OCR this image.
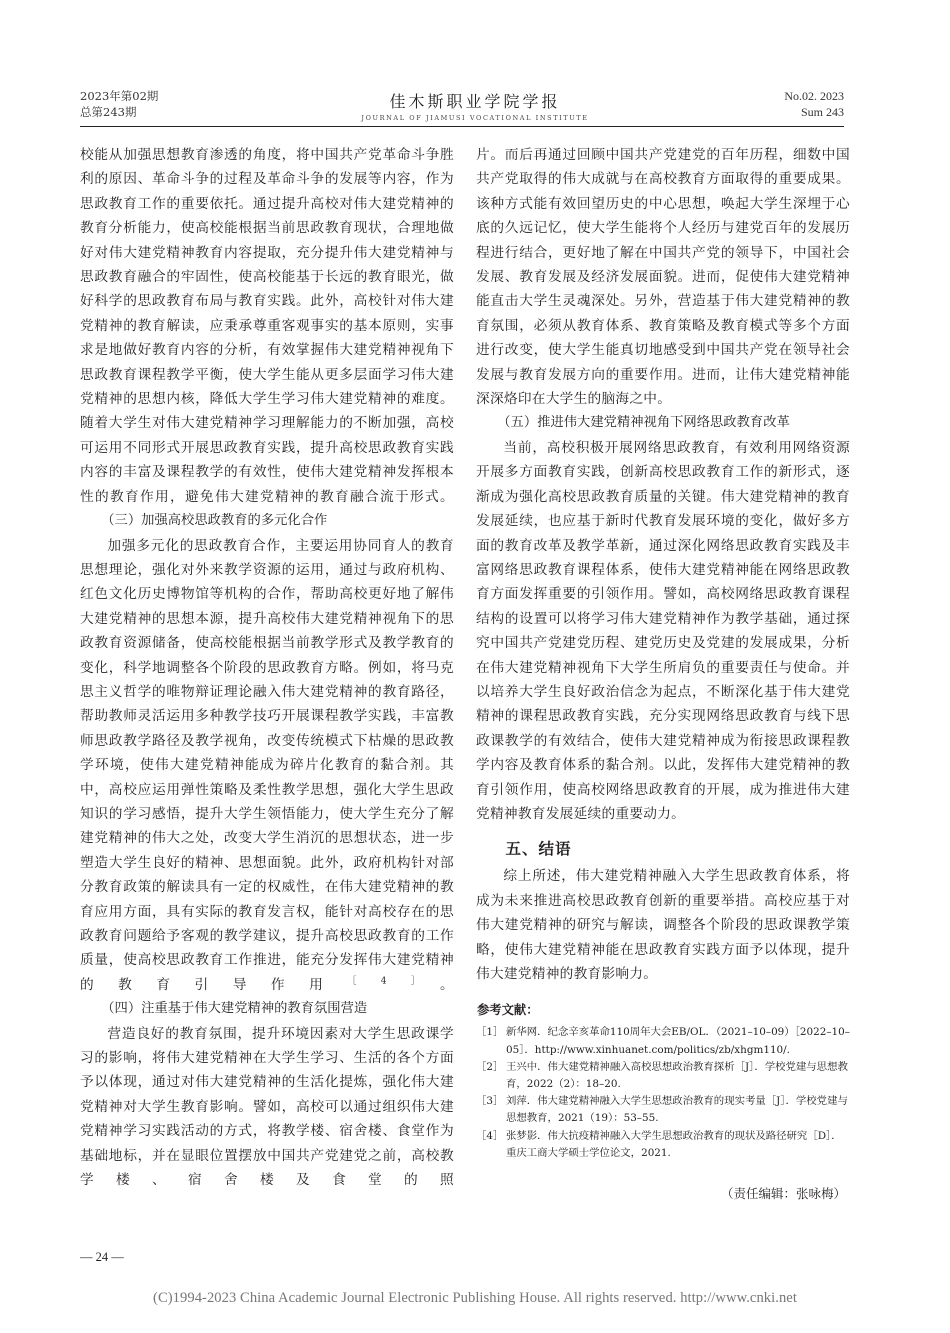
2023年第02期
总第243期
佳木斯职业学院学报
JOURNAL OF JIAMUSI VOCATIONAL INSTITUTE
No.02. 2023
Sum 243

校能从加强思想教育渗透的角度，将中国共产党革命斗争胜利的原因、革命斗争的过程及革命斗争的发展等内容，作为思政教育工作的重要依托。通过提升高校对伟大建党精神的教育分析能力，使高校能根据当前思政教育现状，合理地做好对伟大建党精神教育内容提取，充分提升伟大建党精神与思政教育融合的牢固性，使高校能基于长远的教育眼光，做好科学的思政教育布局与教育实践。此外，高校针对伟大建党精神的教育解读，应秉承尊重客观事实的基本原则，实事求是地做好教育内容的分析，有效掌握伟大建党精神视角下思政教育课程教学平衡，使大学生能从更多层面学习伟大建党精神的思想内核，降低大学生学习伟大建党精神的难度。随着大学生对伟大建党精神学习理解能力的不断加强，高校可运用不同形式开展思政教育实践，提升高校思政教育实践内容的丰富及课程教学的有效性，使伟大建党精神发挥根本性的教育作用，避免伟大建党精神的教育融合流于形式。

（三）加强高校思政教育的多元化合作

加强多元化的思政教育合作，主要运用协同育人的教育思想理论，强化对外来教学资源的运用，通过与政府机构、红色文化历史博物馆等机构的合作，帮助高校更好地了解伟大建党精神的思想本源，提升高校伟大建党精神视角下的思政教育资源储备，使高校能根据当前教学形式及教学教育的变化，科学地调整各个阶段的思政教育方略。例如，将马克思主义哲学的唯物辩证理论融入伟大建党精神的教育路径，帮助教师灵活运用多种教学技巧开展课程教学实践，丰富教师思政教学路径及教学视角，改变传统模式下枯燥的思政教学环境，使伟大建党精神能成为碎片化教育的黏合剂。其中，高校应运用弹性策略及柔性教学思想，强化大学生思政知识的学习感悟，提升大学生领悟能力，使大学生充分了解建党精神的伟大之处，改变大学生消沉的思想状态，进一步塑造大学生良好的精神、思想面貌。此外，政府机构针对部分教育政策的解读具有一定的权威性，在伟大建党精神的教育应用方面，具有实际的教育发言权，能针对高校存在的思政教育问题给予客观的教学建议，提升高校思政教育的工作质量，使高校思政教育工作推进，能充分发挥伟大建党精神的教育引导作用$^{[4]}$。

（四）注重基于伟大建党精神的教育氛围营造

营造良好的教育氛围，提升环境因素对大学生思政课学习的影响，将伟大建党精神在大学生学习、生活的各个方面予以体现，通过对伟大建党精神的生活化提炼，强化伟大建党精神对大学生教育影响。譬如，高校可以通过组织伟大建党精神学习实践活动的方式，将教学楼、宿舍楼、食堂作为基础地标，并在显眼位置摆放中国共产党建党之前，高校教学楼、宿舍楼及食堂的照

片。而后再通过回顾中国共产党建党的百年历程，细数中国共产党取得的伟大成就与在高校教育方面取得的重要成果。该种方式能有效回望历史的中心思想，唤起大学生深埋于心底的久远记忆，使大学生能将个人经历与建党百年的发展历程进行结合，更好地了解在中国共产党的领导下，中国社会发展、教育发展及经济发展面貌。进而，促使伟大建党精神能直击大学生灵魂深处。另外，营造基于伟大建党精神的教育氛围，必须从教育体系、教育策略及教育模式等多个方面进行改变，使大学生能真切地感受到中国共产党在领导社会发展与教育发展方向的重要作用。进而，让伟大建党精神能深深烙印在大学生的脑海之中。

（五）推进伟大建党精神视角下网络思政教育改革

当前，高校积极开展网络思政教育，有效利用网络资源开展多方面教育实践，创新高校思政教育工作的新形式，逐渐成为强化高校思政教育质量的关键。伟大建党精神的教育发展延续，也应基于新时代教育发展环境的变化，做好多方面的教育改革及教学革新，通过深化网络思政教育实践及丰富网络思政教育课程体系，使伟大建党精神能在网络思政教育方面发挥重要的引领作用。譬如，高校网络思政教育课程结构的设置可以将学习伟大建党精神作为教学基础，通过探究中国共产党建党历程、建党历史及党建的发展成果，分析在伟大建党精神视角下大学生所肩负的重要责任与使命。并以培养大学生良好政治信念为起点，不断深化基于伟大建党精神的课程思政教育实践，充分实现网络思政教育与线下思政课教学的有效结合，使伟大建党精神成为衔接思政课程教学内容及教育体系的黏合剂。以此，发挥伟大建党精神的教育引领作用，使高校网络思政教育的开展，成为推进伟大建党精神教育发展延续的重要动力。

五、结语

综上所述，伟大建党精神融入大学生思政教育体系，将成为未来推进高校思政教育创新的重要举措。高校应基于对伟大建党精神的研究与解读，调整各个阶段的思政课教学策略，使伟大建党精神能在思政教育实践方面予以体现，提升伟大建党精神的教育影响力。

参考文献：

［1］ 新华网．纪念辛亥革命110周年大会EB/OL．（2021–10–09）［2022–10–05］．http://www.xinhuanet.com/politics/zb/xhgm110/.

［2］ 王兴中．伟大建党精神融入高校思想政治教育探析［J］．学校党建与思想教育，2022（2）：18–20.

［3］ 刘萍．伟大建党精神融入大学生思想政治教育的现实考量［J］．学校党建与思想教育，2021（19）：53–55.

［4］ 张梦影．伟大抗疫精神融入大学生思想政治教育的现状及路径研究［D］．重庆工商大学硕士学位论文，2021.

（责任编辑：张咏梅）
— 24 —
(C)1994-2023 China Academic Journal Electronic Publishing House. All rights reserved. http://www.cnki.net
